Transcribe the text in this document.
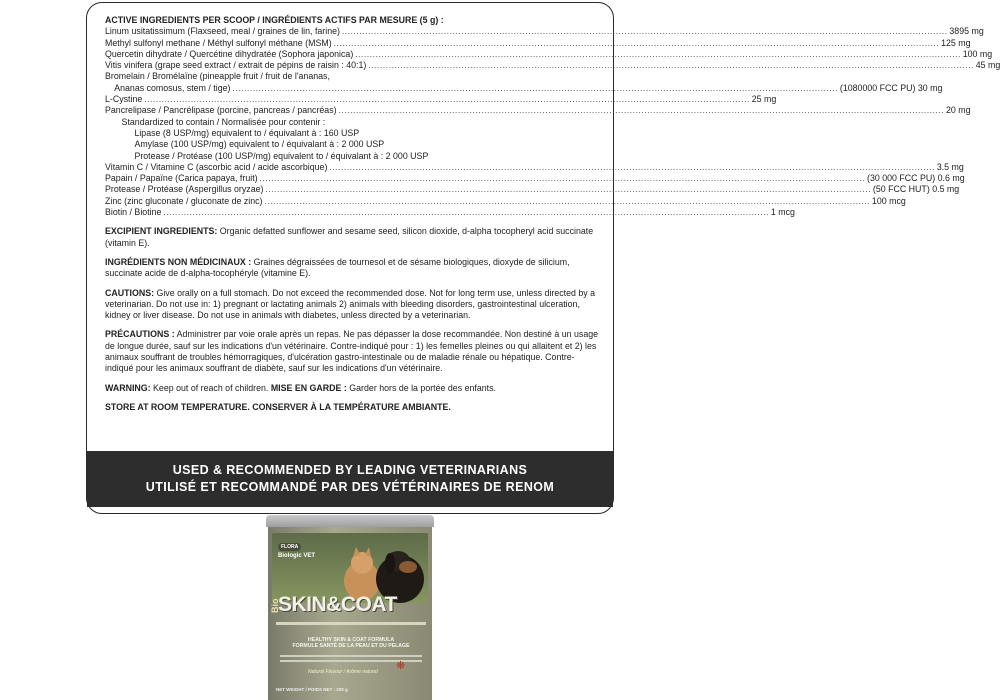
ACTIVE INGREDIENTS PER SCOOP / INGRÉDIENTS ACTIFS PAR MESURE (5 g) :
Linum usitatissimum (Flaxseed, meal / graines de lin, farine) .....	3895 mg
Methyl sulfonyl methane / Méthyl sulfonyl méthane (MSM) .....	125 mg
Quercetin dihydrate / Quercétine dihydratée (Sophora japonica) .....	100 mg
Vitis vinifera (grape seed extract / extrait de pépins de raisin : 40:1) .....	45 mg
Bromelain / Bromélaïne (pineapple fruit / fruit de l'ananas,
Ananas comosus, stem / tige) .....	(1080000 FCC PU) 30 mg
L-Cystine .....	25 mg
Pancrelipase / Pancrélipase (porcine, pancreas / pancréas) .....	20 mg
Standardized to contain / Normalisée pour contenir :
Lipase (8 USP/mg) equivalent to / équivalant à : 160 USP
Amylase (100 USP/mg) equivalent to / équivalant à : 2 000 USP
Protease / Protéase (100 USP/mg) equivalent to / équivalant à : 2 000 USP
Vitamin C / Vitamine C (ascorbic acid / acide ascorbique) .....	3.5 mg
Papain / Papaïne (Carica papaya, fruit) .....	(30 000 FCC PU) 0.6 mg
Protease / Protéase (Aspergillus oryzae) .....	(50 FCC HUT) 0.5 mg
Zinc (zinc gluconate / gluconate de zinc) .....	100 mcg
Biotin / Biotine .....	1 mcg
EXCIPIENT INGREDIENTS: Organic defatted sunflower and sesame seed, silicon dioxide, d-alpha tocopheryl acid succinate (vitamin E).
INGRÉDIENTS NON MÉDICINAUX : Graines dégraissées de tournesol et de sésame biologiques, dioxyde de silicium, succinate acide de d-alpha-tocophéryle (vitamine E).
CAUTIONS: Give orally on a full stomach. Do not exceed the recommended dose. Not for long term use, unless directed by a veterinarian. Do not use in: 1) pregnant or lactating animals 2) animals with bleeding disorders, gastrointestinal ulceration, kidney or liver disease. Do not use in animals with diabetes, unless directed by a veterinarian.
PRÉCAUTIONS : Administrer par voie orale après un repas. Ne pas dépasser la dose recommandée. Non destiné à un usage de longue durée, sauf sur les indications d'un vétérinaire. Contre-indiqué pour : 1) les femelles pleines ou qui allaitent et 2) les animaux souffrant de troubles hémorragiques, d'ulcération gastro-intestinale ou de maladie rénale ou hépatique. Contre-indiqué pour les animaux souffrant de diabète, sauf sur les indications d'un vétérinaire.
WARNING: Keep out of reach of children. MISE EN GARDE : Garder hors de la portée des enfants.
STORE AT ROOM TEMPERATURE. CONSERVER À LA TEMPÉRATURE AMBIANTE.
USED & RECOMMENDED BY LEADING VETERINARIANS
UTILISÉ ET RECOMMANDÉ PAR DES VÉTÉRINAIRES DE RENOM
FLORA
Biologic VET
Bio
SKIN&COAT
HEALTHY SKIN & COAT FORMULA
FORMULE SANTÉ DE LA PEAU ET DU PELAGE
Natural Flavour / Arôme naturel ❋
NET WEIGHT / POIDS NET : 200 g
